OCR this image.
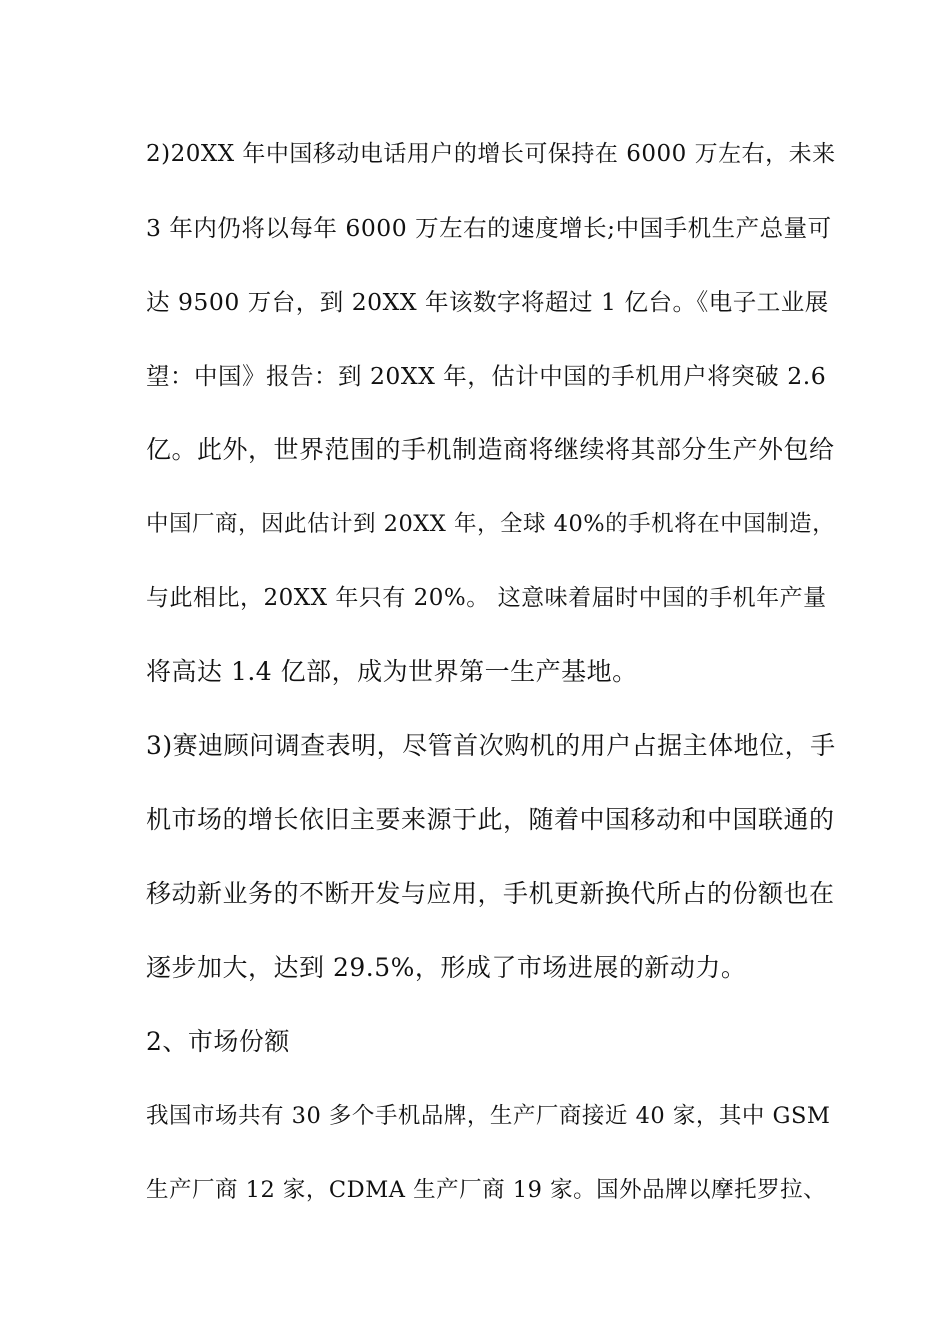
2)20XX 年中国移动电话用户的增长可保持在 6000 万左右，未来
3 年内仍将以每年 6000 万左右的速度增长;中国手机生产总量可
达 9500 万台，到 20XX 年该数字将超过 1 亿台。《电子工业展
望：中国》报告：到 20XX 年，估计中国的手机用户将突破 2.6
亿。此外，世界范围的手机制造商将继续将其部分生产外包给
中国厂商，因此估计到 20XX 年，全球 40%的手机将在中国制造，
与此相比，20XX 年只有 20%。 这意味着届时中国的手机年产量
将高达 1.4 亿部，成为世界第一生产基地。
3)赛迪顾问调查表明，尽管首次购机的用户占据主体地位，手
机市场的增长依旧主要来源于此，随着中国移动和中国联通的
移动新业务的不断开发与应用，手机更新换代所占的份额也在
逐步加大，达到 29.5%，形成了市场进展的新动力。
2、市场份额
我国市场共有 30 多个手机品牌，生产厂商接近 40 家，其中 GSM
生产厂商 12 家，CDMA 生产厂商 19 家。国外品牌以摩托罗拉、
